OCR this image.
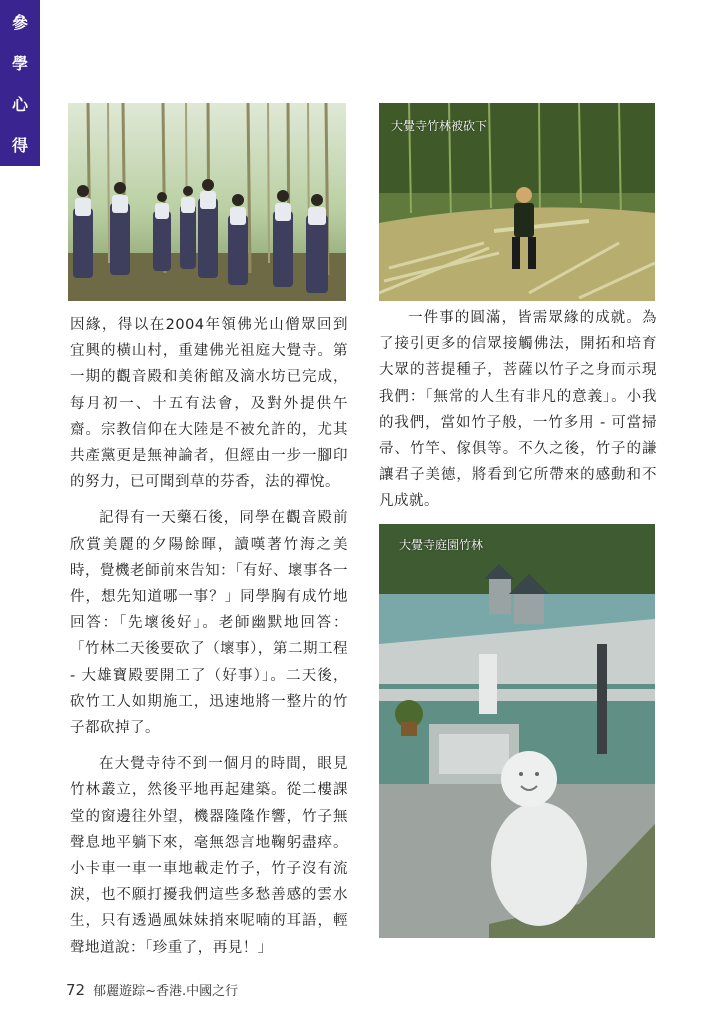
參
學
心
得
大覺寺竹林被砍下
大覺寺庭園竹林

因緣，得以在2004年領佛光山僧眾回到宜興的橫山村，重建佛光祖庭大覺寺。第一期的觀音殿和美術館及滴水坊已完成，每月初一、十五有法會，及對外提供午齋。宗教信仰在大陸是不被允許的，尤其共產黨更是無神論者，但經由一步一腳印的努力，已可聞到草的芬香，法的禪悅。

記得有一天藥石後，同學在觀音殿前欣賞美麗的夕陽餘暉，讀嘆著竹海之美時，覺機老師前來告知：「有好、壞事各一件，想先知道哪一事？」同學胸有成竹地回答：「先壞後好」。老師幽默地回答：「竹林二天後要砍了（壞事），第二期工程 - 大雄寶殿要開工了（好事）」。二天後，砍竹工人如期施工，迅速地將一整片的竹子都砍掉了。

在大覺寺待不到一個月的時間，眼見竹林叢立，然後平地再起建築。從二樓課堂的窗邊往外望，機器隆隆作響，竹子無聲息地平躺下來，毫無怨言地鞠躬盡瘁。小卡車一車一車地載走竹子，竹子沒有流淚，也不願打擾我們這些多愁善感的雲水生，只有透過風妹妹捎來呢喃的耳語，輕聲地道說：「珍重了，再見！」

一件事的圓滿，皆需眾緣的成就。為了接引更多的信眾接觸佛法，開拓和培育大眾的菩提種子，菩薩以竹子之身而示現我們：「無常的人生有非凡的意義」。小我的我們，當如竹子般，一竹多用 - 可當掃帚、竹竿、傢俱等。不久之後，竹子的謙讓君子美德，將看到它所帶來的感動和不凡成就。

72 郁麗遊踪~香港.中國之行
